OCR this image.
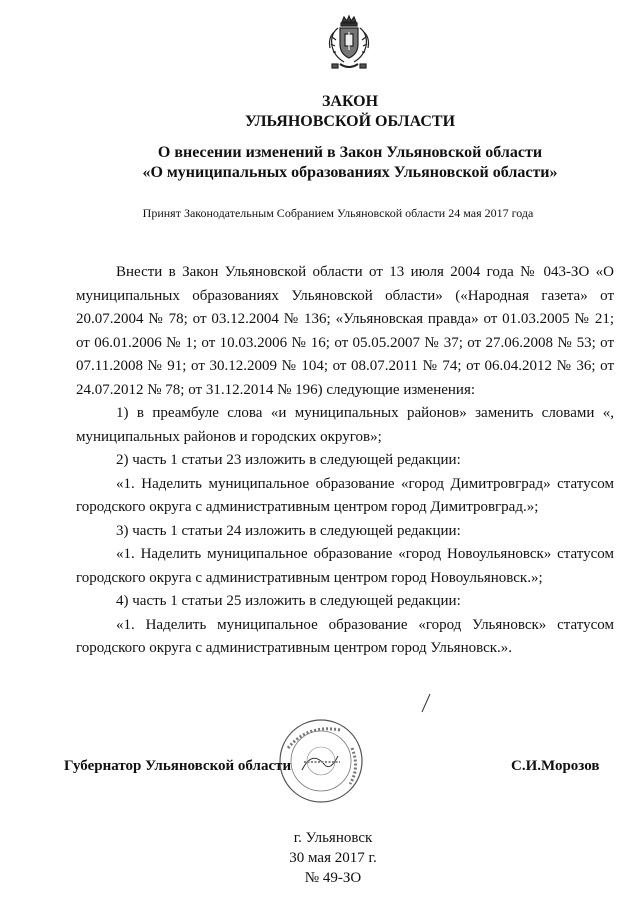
ЗАКОН
УЛЬЯНОВСКОЙ ОБЛАСТИ
О внесении изменений в Закон Ульяновской области
«О муниципальных образованиях Ульяновской области»
Принят Законодательным Собранием Ульяновской области 24 мая 2017 года

Внести в Закон Ульяновской области от 13 июля 2004 года № 043-ЗО «О муниципальных образованиях Ульяновской области» («Народная газета» от 20.07.2004 № 78; от 03.12.2004 № 136; «Ульяновская правда» от 01.03.2005 № 21; от 06.01.2006 № 1; от 10.03.2006 № 16; от 05.05.2007 № 37; от 27.06.2008 № 53; от 07.11.2008 № 91; от 30.12.2009 № 104; от 08.07.2011 № 74; от 06.04.2012 № 36; от 24.07.2012 № 78; от 31.12.2014 № 196) следующие изменения:

1) в преамбуле слова «и муниципальных районов» заменить словами «, муниципальных районов и городских округов»;

2) часть 1 статьи 23 изложить в следующей редакции:

«1. Наделить муниципальное образование «город Димитровград» статусом городского округа с административным центром город Димитровград.»;

3) часть 1 статьи 24 изложить в следующей редакции:

«1. Наделить муниципальное образование «город Новоульяновск» статусом городского округа с административным центром город Новоульяновск.»;

4) часть 1 статьи 25 изложить в следующей редакции:

«1. Наделить муниципальное образование «город Ульяновск» статусом городского округа с административным центром город Ульяновск.».

Губернатор Ульяновской области	С.И.Морозов
г. Ульяновск
30 мая 2017 г.
№ 49-ЗО
